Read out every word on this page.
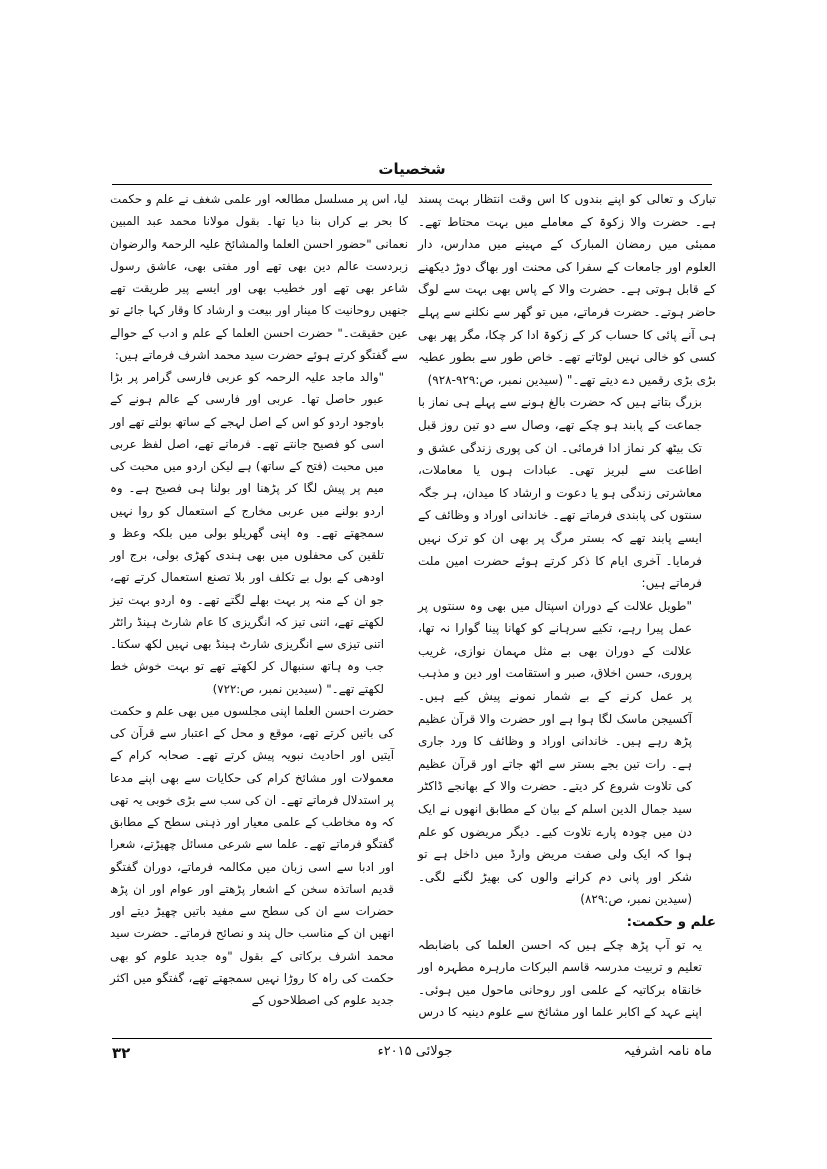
شخصیات

تبارک و تعالی کو اپنے بندوں کا اس وقت انتظار بہت پسند ہے۔ حضرت والا زکوۃ کے معاملے میں بہت محتاط تھے۔ ممبئی میں رمضان المبارک کے مہینے میں مدارس، دار العلوم اور جامعات کے سفرا کی محنت اور بھاگ دوڑ دیکھنے کے قابل ہوتی ہے۔ حضرت والا کے پاس بھی بہت سے لوگ حاضر ہوتے۔ حضرت فرماتے، میں تو گھر سے نکلنے سے پہلے ہی آنے پائی کا حساب کر کے زکوۃ ادا کر چکا، مگر پھر بھی کسی کو خالی نہیں لوٹاتے تھے۔ خاص طور سے بطور عطیہ بڑی بڑی رقمیں دے دیتے تھے۔" (سیدین نمبر، ص:۹۲۹-۹۲۸)

بزرگ بتاتے ہیں کہ حضرت بالغ ہونے سے پہلے ہی نماز با جماعت کے پابند ہو چکے تھے، وصال سے دو تین روز قبل تک بیٹھ کر نماز ادا فرمائی۔ ان کی پوری زندگی عشق و اطاعت سے لبریز تھی۔ عبادات ہوں یا معاملات، معاشرتی زندگی ہو یا دعوت و ارشاد کا میدان، ہر جگہ سنتوں کی پابندی فرماتے تھے۔ خاندانی اوراد و وظائف کے ایسے پابند تھے کہ بستر مرگ پر بھی ان کو ترک نہیں فرمایا۔ آخری ایام کا ذکر کرتے ہوئے حضرت امین ملت فرماتے ہیں:

"طویل علالت کے دوران اسپتال میں بھی وہ سنتوں پر عمل پیرا رہے، تکیے سرہانے کو کھانا پینا گوارا نہ تھا، علالت کے دوران بھی بے مثل مہمان نوازی، غریب پروری، حسن اخلاق، صبر و استقامت اور دین و مذہب پر عمل کرنے کے بے شمار نمونے پیش کیے ہیں۔ آکسیجن ماسک لگا ہوا ہے اور حضرت والا قرآن عظیم پڑھ رہے ہیں۔ خاندانی اوراد و وظائف کا ورد جاری ہے۔ رات تین بجے بستر سے اٹھ جاتے اور قرآن عظیم کی تلاوت شروع کر دیتے۔ حضرت والا کے بھانجے ڈاکٹر سید جمال الدین اسلم کے بیان کے مطابق انھوں نے ایک دن میں چودہ پارے تلاوت کیے۔ دیگر مریضوں کو علم ہوا کہ ایک ولی صفت مریض وارڈ میں داخل ہے تو شکر اور پانی دم کرانے والوں کی بھیڑ لگنے لگی۔ (سیدین نمبر، ص:۸۲۹)

علم و حکمت:

یہ تو آپ پڑھ چکے ہیں کہ احسن العلما کی باضابطہ تعلیم و تربیت مدرسہ قاسم البرکات مارہرہ مطہرہ اور خانقاہ برکاتیہ کے علمی اور روحانی ماحول میں ہوئی۔ اپنے عہد کے اکابر علما اور مشائخ سے علوم دینیہ کا درس

لیا، اس پر مسلسل مطالعہ اور علمی شغف نے علم و حکمت کا بحر بے کراں بنا دیا تھا۔ بقول مولانا محمد عبد المبین نعمانی "حضور احسن العلما والمشائخ علیہ الرحمۃ والرضوان زبردست عالم دین بھی تھے اور مفتی بھی، عاشق رسول شاعر بھی تھے اور خطیب بھی اور ایسے پیر طریقت تھے جنھیں روحانیت کا مینار اور بیعت و ارشاد کا وقار کہا جائے تو عین حقیقت۔" حضرت احسن العلما کے علم و ادب کے حوالے سے گفتگو کرتے ہوئے حضرت سید محمد اشرف فرماتے ہیں:

"والد ماجد علیہ الرحمہ کو عربی فارسی گرامر پر بڑا عبور حاصل تھا۔ عربی اور فارسی کے عالم ہونے کے باوجود اردو کو اس کے اصل لہجے کے ساتھ بولتے تھے اور اسی کو فصیح جانتے تھے۔ فرماتے تھے، اصل لفظ عربی میں محبت (فتح کے ساتھ) ہے لیکن اردو میں محبت کی میم پر پیش لگا کر پڑھنا اور بولنا ہی فصیح ہے۔ وہ اردو بولنے میں عربی مخارج کے استعمال کو روا نہیں سمجھتے تھے۔ وہ اپنی گھریلو بولی میں بلکہ وعظ و تلقین کی محفلوں میں بھی ہندی کھڑی بولی، برج اور اودھی کے بول بے تکلف اور بلا تصنع استعمال کرتے تھے، جو ان کے منہ پر بہت بھلے لگتے تھے۔ وہ اردو بہت تیز لکھتے تھے، اتنی تیز کہ انگریزی کا عام شارٹ ہینڈ رائٹر اتنی تیزی سے انگریزی شارٹ ہینڈ بھی نہیں لکھ سکتا۔ جب وہ ہاتھ سنبھال کر لکھتے تھے تو بہت خوش خط لکھتے تھے۔" (سیدین نمبر، ص:۷۲۲)

حضرت احسن العلما اپنی مجلسوں میں بھی علم و حکمت کی باتیں کرتے تھے، موقع و محل کے اعتبار سے قرآن کی آیتیں اور احادیث نبویہ پیش کرتے تھے۔ صحابہ کرام کے معمولات اور مشائخ کرام کی حکایات سے بھی اپنے مدعا پر استدلال فرماتے تھے۔ ان کی سب سے بڑی خوبی یہ تھی کہ وہ مخاطب کے علمی معیار اور ذہنی سطح کے مطابق گفتگو فرماتے تھے۔ علما سے شرعی مسائل چھیڑتے، شعرا اور ادبا سے اسی زبان میں مکالمہ فرماتے، دوران گفتگو قدیم اساتذہ سخن کے اشعار پڑھتے اور عوام اور ان پڑھ حضرات سے ان کی سطح سے مفید باتیں چھیڑ دیتے اور انھیں ان کے مناسب حال پند و نصائح فرماتے۔ حضرت سید محمد اشرف برکاتی کے بقول "وہ جدید علوم کو بھی حکمت کی راہ کا روڑا نہیں سمجھتے تھے، گفتگو میں اکثر جدید علوم کی اصطلاحوں کے

ماہ نامہ اشرفیہ
جولائی ۲۰۱۵ء
۳۲
